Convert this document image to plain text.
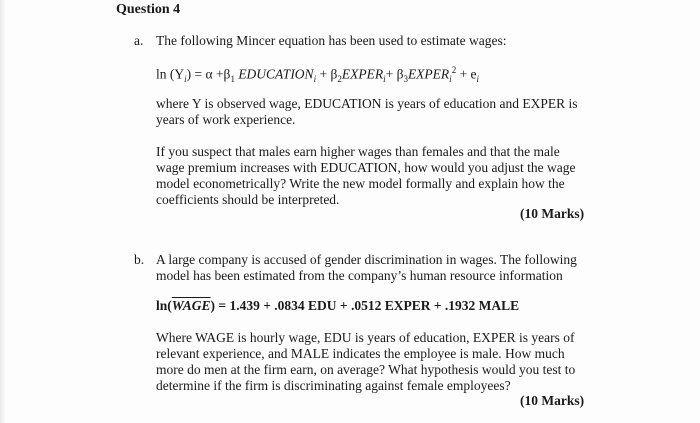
Question 4
a. The following Mincer equation has been used to estimate wages:
$\ln (Y_i) = \alpha +\beta_1$ $EDUCATION_i$ + $\beta_2EXPER_i+$ $\beta_3EXPER_i^2 + e_i$
where Y is observed wage, EDUCATION is years of education and EXPER is
years of work experience.
If you suspect that males earn higher wages than females and that the male
wage premium increases with EDUCATION, how would you adjust the wage
model econometrically? Write the new model formally and explain how the
coefficients should be interpreted.
(10 Marks)
b. A large company is accused of gender discrimination in wages. The following
model has been estimated from the company’s human resource information
ln(WAGE) = 1.439 + .0834 EDU + .0512 EXPER + .1932 MALE
Where WAGE is hourly wage, EDU is years of education, EXPER is years of
relevant experience, and MALE indicates the employee is male. How much
more do men at the firm earn, on average? What hypothesis would you test to
determine if the firm is discriminating against female employees?
(10 Marks)
